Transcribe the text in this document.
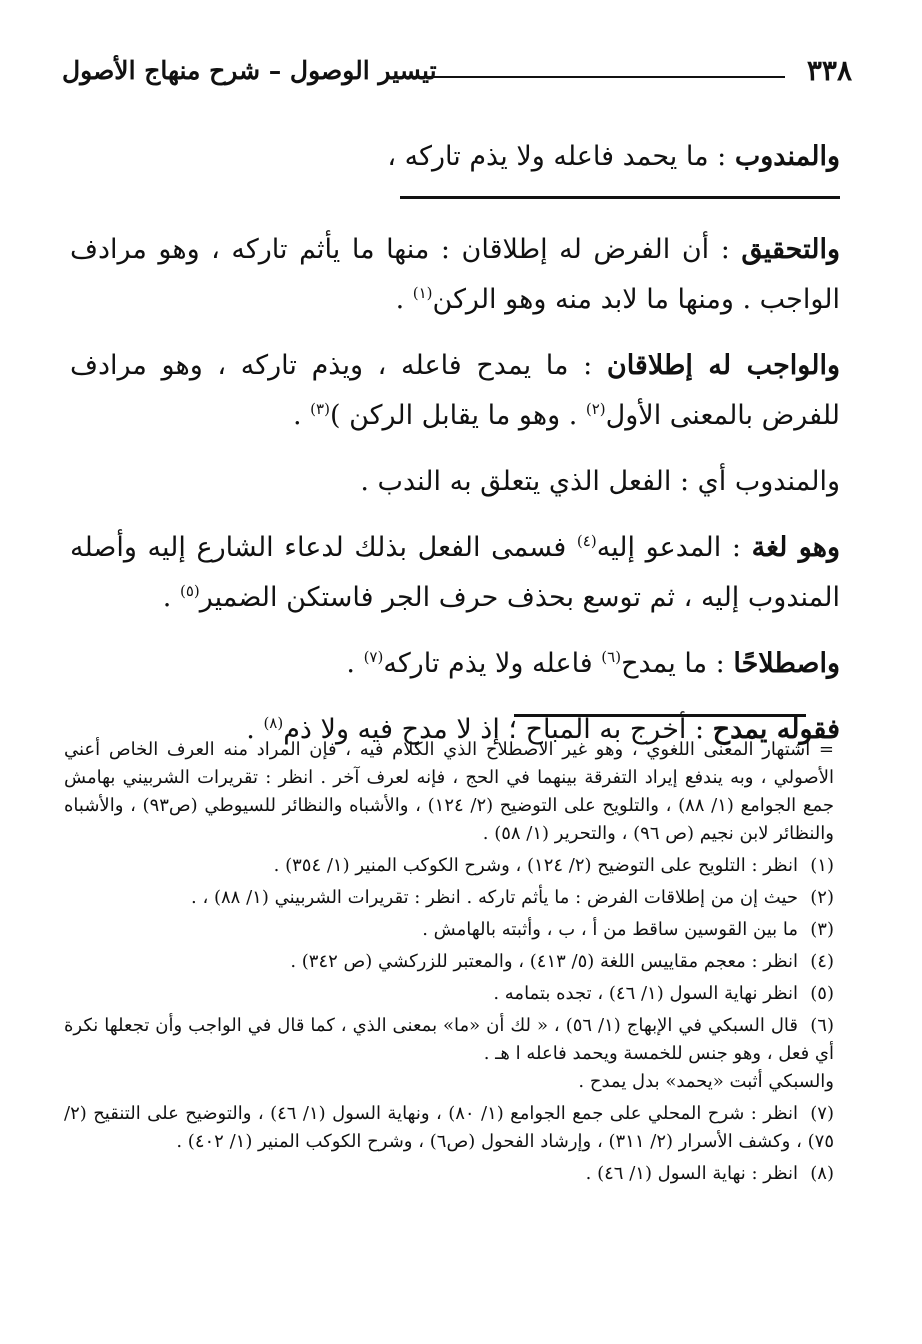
تيسير الوصول – شرح منهاج الأصول	٣٣٨

والمندوب : ما يحمد فاعله ولا يذم تاركه ،

والتحقيق : أن الفرض له إطلاقان : منها ما يأثم تاركه ، وهو مرادف الواجب . ومنها ما لابد منه وهو الركن$^{(١)}$ .

والواجب له إطلاقان : ما يمدح فاعله ، ويذم تاركه ، وهو مرادف للفرض بالمعنى الأول$^{(٢)}$ . وهو ما يقابل الركن )$^{(٣)}$ .

والمندوب أي : الفعل الذي يتعلق به الندب .

وهو لغة : المدعو إليه$^{(٤)}$ فسمى الفعل بذلك لدعاء الشارع إليه وأصله المندوب إليه ، ثم توسع بحذف حرف الجر فاستكن الضمير$^{(٥)}$ .

واصطلاحًا : ما يمدح$^{(٦)}$ فاعله ولا يذم تاركه$^{(٧)}$ .

فقوله يمدح : أخرج به المباح ؛ إذ لا مدح فيه ولا ذم$^{(٨)}$ .

= اشتهار المعنى اللغوي ، وهو غير الاصطلاح الذي الكلام فيه ، فإن المراد منه العرف الخاص أعني الأصولي ، وبه يندفع إيراد التفرقة بينهما في الحج ، فإنه لعرف آخر . انظر : تقريرات الشربيني بهامش جمع الجوامع (١/ ٨٨) ، والتلويح على التوضيح (٢/ ١٢٤) ، والأشباه والنظائر للسيوطي (ص٩٣) ، والأشباه والنظائر لابن نجيم (ص ٩٦) ، والتحرير (١/ ٥٨) .

(١)انظر : التلويح على التوضيح (٢/ ١٢٤) ، وشرح الكوكب المنير (١/ ٣٥٤) .

(٢)حيث إن من إطلاقات الفرض : ما يأثم تاركه . انظر : تقريرات الشربيني (١/ ٨٨) ، .

(٣)ما بين القوسين ساقط من أ ، ب ، وأثبته بالهامش .

(٤)انظر : معجم مقاييس اللغة (٥/ ٤١٣) ، والمعتبر للزركشي (ص ٣٤٢) .

(٥)انظر نهاية السول (١/ ٤٦) ، تجده بتمامه .

(٦)قال السبكي في الإبهاج (١/ ٥٦) ، « لك أن «ما» بمعنى الذي ، كما قال في الواجب وأن تجعلها نكرة أي فعل ، وهو جنس للخمسة ويحمد فاعله ا هـ .
والسبكي أثبت «يحمد» بدل يمدح .

(٧)انظر : شرح المحلي على جمع الجوامع (١/ ٨٠) ، ونهاية السول (١/ ٤٦) ، والتوضيح على التنقيح (٢/ ٧٥) ، وكشف الأسرار (٢/ ٣١١) ، وإرشاد الفحول (ص٦) ، وشرح الكوكب المنير (١/ ٤٠٢) .

(٨)انظر : نهاية السول (١/ ٤٦) .
